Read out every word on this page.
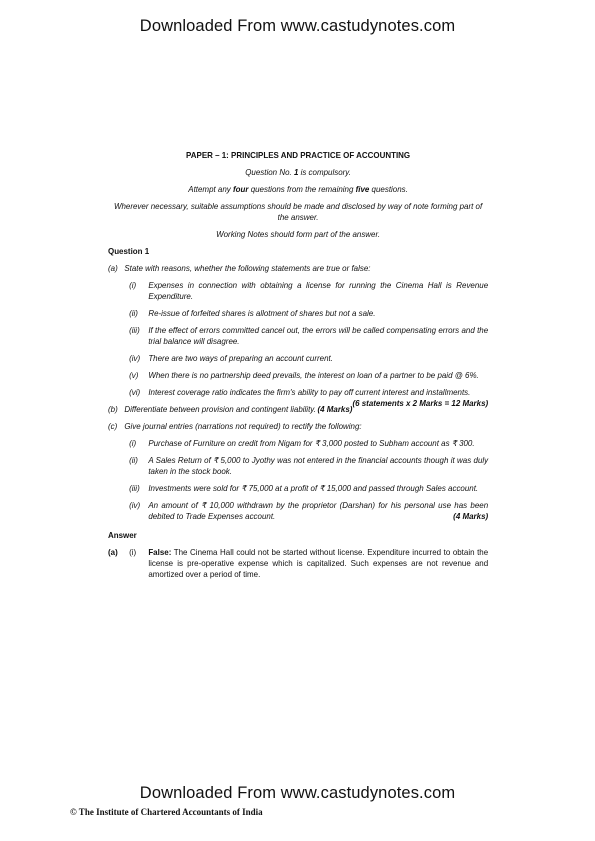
Downloaded From www.castudynotes.com
PAPER – 1: PRINCIPLES AND PRACTICE OF ACCOUNTING
Question No. 1 is compulsory.
Attempt any four questions from the remaining five questions.
Wherever necessary, suitable assumptions should be made and disclosed by way of note forming part of the answer.
Working Notes should form part of the answer.
Question 1
(a) State with reasons, whether the following statements are true or false:
(i) Expenses in connection with obtaining a license for running the Cinema Hall is Revenue Expenditure.
(ii) Re-issue of forfeited shares is allotment of shares but not a sale.
(iii) If the effect of errors committed cancel out, the errors will be called compensating errors and the trial balance will disagree.
(iv) There are two ways of preparing an account current.
(v) When there is no partnership deed prevails, the interest on loan of a partner to be paid @ 6%.
(vi) Interest coverage ratio indicates the firm's ability to pay off current interest and installments.
(6 statements x 2 Marks = 12 Marks)
(b) Differentiate between provision and contingent liability. (4 Marks)
(c) Give journal entries (narrations not required) to rectify the following:
(i) Purchase of Furniture on credit from Nigam for ₹ 3,000 posted to Subham account as ₹ 300.
(ii) A Sales Return of ₹ 5,000 to Jyothy was not entered in the financial accounts though it was duly taken in the stock book.
(iii) Investments were sold for ₹ 75,000 at a profit of ₹ 15,000 and passed through Sales account.
(iv) An amount of ₹ 10,000 withdrawn by the proprietor (Darshan) for his personal use has been debited to Trade Expenses account.	(4 Marks)
Answer
(a) (i) False: The Cinema Hall could not be started without license. Expenditure incurred to obtain the license is pre-operative expense which is capitalized. Such expenses are not revenue and amortized over a period of time.
Downloaded From www.castudynotes.com
© The Institute of Chartered Accountants of India
